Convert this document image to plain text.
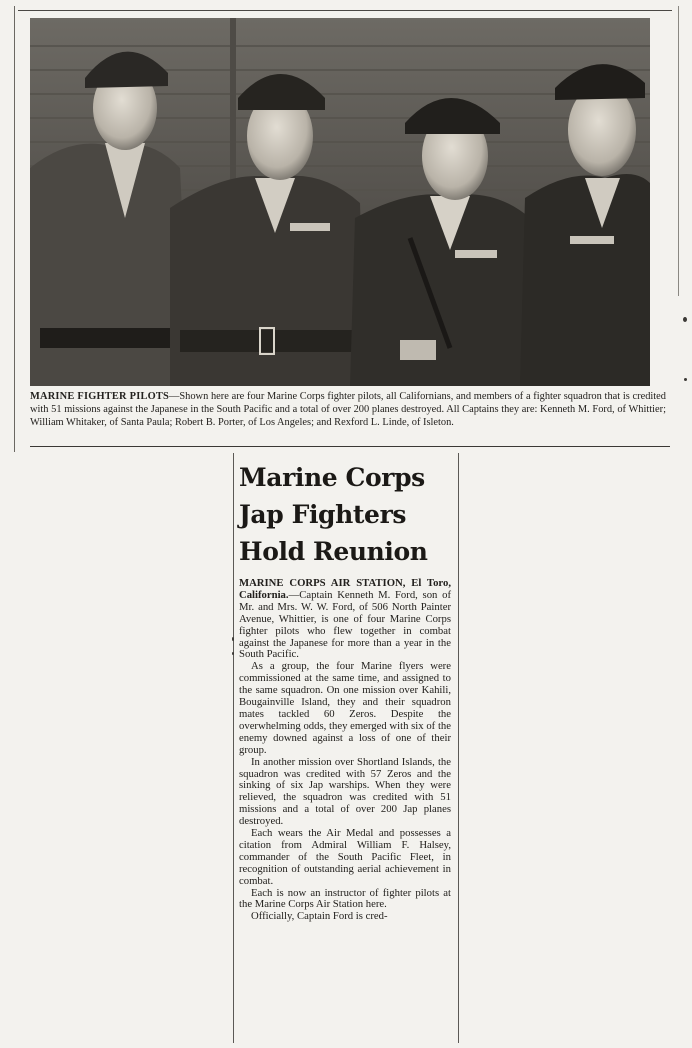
MARINE FIGHTER PILOTS—Shown here are four Marine Corps fighter pilots, all Californians, and members of a fighter squadron that is credited with 51 missions against the Japanese in the South Pacific and a total of over 200 planes destroyed. All Captains they are: Kenneth M. Ford, of Whittier; William Whitaker, of Santa Paula; Robert B. Porter, of Los Angeles; and Rexford L. Linde, of Isleton.
Marine Corps
Jap Fighters
Hold Reunion

MARINE CORPS AIR STATION, El Toro, California.—Captain Kenneth M. Ford, son of Mr. and Mrs. W. W. Ford, of 506 North Painter Avenue, Whittier, is one of four Marine Corps fighter pilots who flew together in combat against the Japanese for more than a year in the South Pacific.

As a group, the four Marine flyers were commissioned at the same time, and assigned to the same squadron. On one mission over Kahili, Bougainville Island, they and their squadron mates tackled 60 Zeros. Despite the overwhelming odds, they emerged with six of the enemy downed against a loss of one of their group.

In another mission over Shortland Islands, the squadron was credited with 57 Zeros and the sinking of six Jap warships. When they were relieved, the squadron was credited with 51 missions and a total of over 200 Jap planes destroyed.

Each wears the Air Medal and possesses a citation from Admiral William F. Halsey, commander of the South Pacific Fleet, in recognition of outstanding aerial achievement in combat.

Each is now an instructor of fighter pilots at the Marine Corps Air Station here.

Officially, Captain Ford is cred-
